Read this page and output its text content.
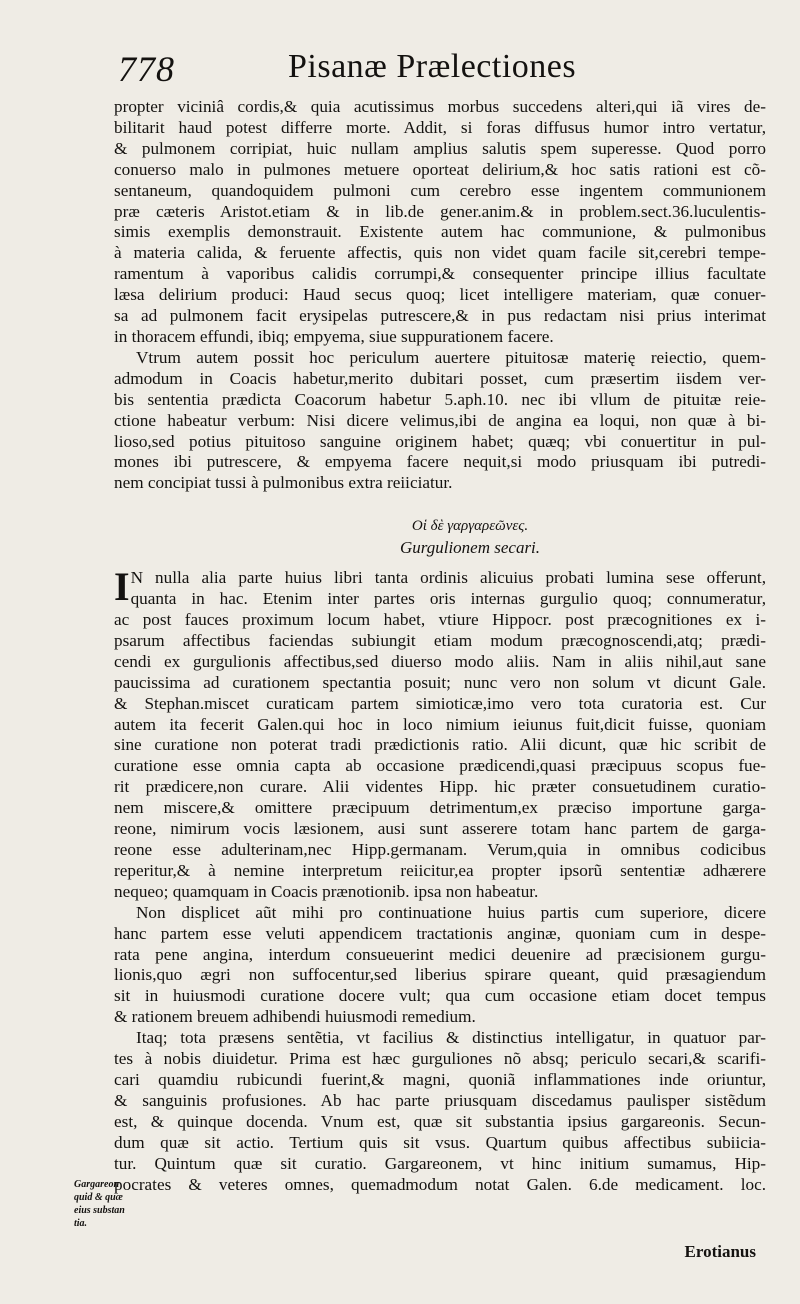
778	Pisanæ Prælectiones
propter viciniâ cordis,& quia acutissimus morbus succedens alteri,qui iã vires de-
bilitarit haud potest differre morte. Addit, si foras diffusus humor intro vertatur,
& pulmonem corripiat, huic nullam amplius salutis spem superesse. Quod porro
conuerso malo in pulmones metuere oporteat delirium,& hoc satis rationi est cõ-
sentaneum, quandoquidem pulmoni cum cerebro esse ingentem communionem
præ cæteris Aristot.etiam & in lib.de gener.anim.& in problem.sect.36.luculentis-
simis exemplis demonstrauit. Existente autem hac communione, & pulmonibus
à materia calida, & feruente affectis, quis non videt quam facile sit,cerebri tempe-
ramentum à vaporibus calidis corrumpi,& consequenter principe illius facultate
læsa delirium produci: Haud secus quoq; licet intelligere materiam, quæ conuer-
sa ad pulmonem facit erysipelas putrescere,& in pus redactam nisi prius interimat
in thoracem effundi, ibiq; empyema, siue suppurationem facere.
Vtrum autem possit hoc periculum auertere pituitosæ materię reiectio, quem-
admodum in Coacis habetur,merito dubitari posset, cum præsertim iisdem ver-
bis sententia prædicta Coacorum habetur 5.aph.10. nec ibi vllum de pituitæ reie-
ctione habeatur verbum: Nisi dicere velimus,ibi de angina ea loqui, non quæ à bi-
lioso,sed potius pituitoso sanguine originem habet; quæq; vbi conuertitur in pul-
mones ibi putrescere, & empyema facere nequit,si modo priusquam ibi putredi-
nem concipiat tussi à pulmonibus extra reiiciatur.
Οἱ δὲ γαργαρεῶνες.
Gurgulionem secari.
I N nulla alia parte huius libri tanta ordinis alicuius probati lumina sese offerunt,
quanta in hac. Etenim inter partes oris internas gurgulio quoq; connumeratur,
ac post fauces proximum locum habet, vtiure Hippocr. post præcognitiones ex i-
psarum affectibus faciendas subiungit etiam modum præcognoscendi,atq; prædi-
cendi ex gurgulionis affectibus,sed diuerso modo aliis. Nam in aliis nihil,aut sane
paucissima ad curationem spectantia posuit; nunc vero non solum vt dicunt Gale.
& Stephan.miscet curaticam partem simioticæ,imo vero tota curatoria est. Cur
autem ita fecerit Galen.qui hoc in loco nimium ieiunus fuit,dicit fuisse, quoniam
sine curatione non poterat tradi prædictionis ratio. Alii dicunt, quæ hic scribit de
curatione esse omnia capta ab occasione prædicendi,quasi præcipuus scopus fue-
rit prædicere,non curare. Alii videntes Hipp. hic præter consuetudinem curatio-
nem miscere,& omittere præcipuum detrimentum,ex præciso importune garga-
reone, nimirum vocis læsionem, ausi sunt asserere totam hanc partem de garga-
reone esse adulterinam,nec Hipp.germanam. Verum,quia in omnibus codicibus
reperitur,& à nemine interpretum reiicitur,ea propter ipsorũ sententiæ adhærere
nequeo; quamquam in Coacis prænotionib. ipsa non habeatur.
Non displicet aũt mihi pro continuatione huius partis cum superiore, dicere
hanc partem esse veluti appendicem tractationis anginæ, quoniam cum in despe-
rata pene angina, interdum consueuerint medici deuenire ad præcisionem gurgu-
lionis,quo ægri non suffocentur,sed liberius spirare queant, quid præsagiendum
sit in huiusmodi curatione docere vult; qua cum occasione etiam docet tempus
& rationem breuem adhibendi huiusmodi remedium.
Itaq; tota præsens sentẽtia, vt facilius & distinctius intelligatur, in quatuor par-
tes à nobis diuidetur. Prima est hæc gurguliones nõ absq; periculo secari,& scarifi-
cari quamdiu rubicundi fuerint,& magni, quoniã inflammationes inde oriuntur,
& sanguinis profusiones. Ab hac parte priusquam discedamus paulisper sistẽdum
est, & quinque docenda. Vnum est, quæ sit substantia ipsius gargareonis. Secun-
dum quæ sit actio. Tertium quis sit vsus. Quartum quibus affectibus subiicia-
tur. Quintum quæ sit curatio. Gargareonem, vt hinc initium sumamus, Hip-
pocrates & veteres omnes, quemadmodum notat Galen. 6.de medicament. loc.
Gargareon quid & quæ eius substan tia.
Erotianus
